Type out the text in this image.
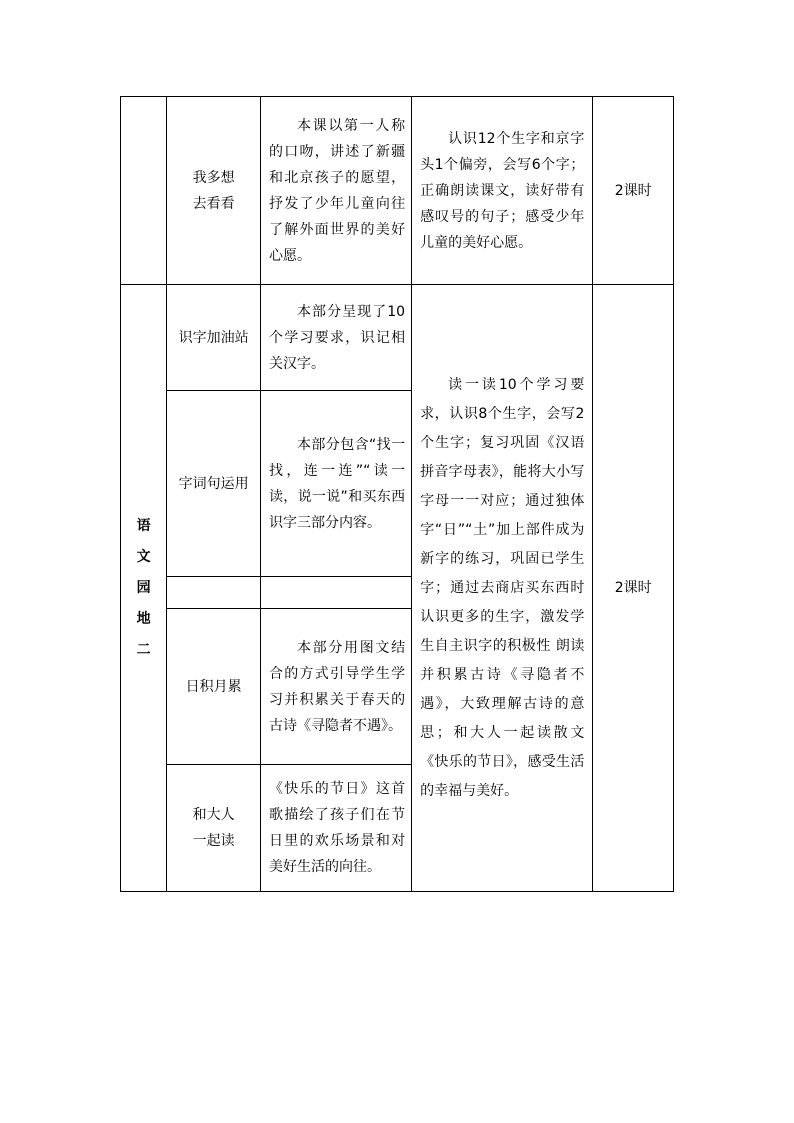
	我多想
去看看	本课以第一人称的口吻，讲述了新疆和北京孩子的愿望，抒发了少年儿童向往了解外面世界的美好心愿。	认识12个生字和京字头1个偏旁，会写6个字；正确朗读课文，读好带有感叹号的句子；感受少年儿童的美好心愿。	2课时

语文园地二	识字加油站	本部分呈现了10个学习要求，识记相关汉字。	读一读10个学习要求，认识8个生字，会写2个生字；复习巩固《汉语拼音字母表》，能将大小写字母一一对应；通过独体字“日”“土”加上部件成为新字的练习，巩固已学生字；通过去商店买东西时认识更多的生字，激发学生自主识字的积极性 朗读并积累古诗《寻隐者不遇》，大致理解古诗的意思；和大人一起读散文《快乐的节日》，感受生活的幸福与美好。	2课时

	字词句运用	本部分包含“找一找，连一连”“读一读，说一说”和买东西识字三部分内容。		

	日积月累	本部分用图文结合的方式引导学生学习并积累关于春天的古诗《寻隐者不遇》。		

	和大人
一起读	《快乐的节日》这首歌描绘了孩子们在节日里的欢乐场景和对美好生活的向往。		
